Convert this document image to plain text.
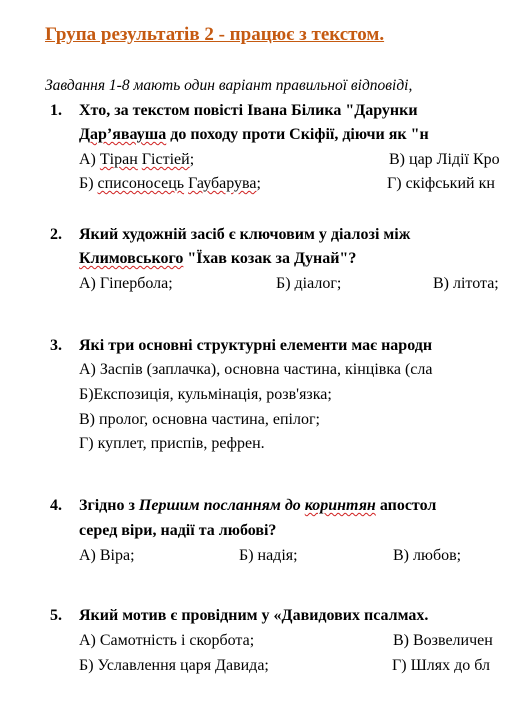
Група результатів 2 - працює з текстом.
Завдання 1-8 мають один варіант правильної відповіді,
1. Хто, за текстом повісті Івана Білика "Дарунки
Дар’явауша до походу проти Скіфії, діючи як "н
А) Тіран Гістіей;	В) цар Лідії Кро
Б) списоносець Гаубарува;	Г) скіфський кн
2. Який художній засіб є ключовим у діалозі між
Климовського "Їхав козак за Дунай"?
А) Гіпербола;	Б) діалог;	В) літота;
3. Які три основні структурні елементи має народн
А) Заспів (заплачка), основна частина, кінцівка (сла
Б)Експозиція, кульмінація, розв'язка;
В) пролог, основна частина, епілог;
Г) куплет, приспів, рефрен.
4. Згідно з Першим посланням до коринтян апостол
серед віри, надії та любові?
А) Віра;	Б) надія;	В) любов;
5. Який мотив є провідним у «Давидових псалмах.
А) Самотність і скорбота;	В) Возвеличен
Б) Уславлення царя Давида;	Г) Шлях до бл
